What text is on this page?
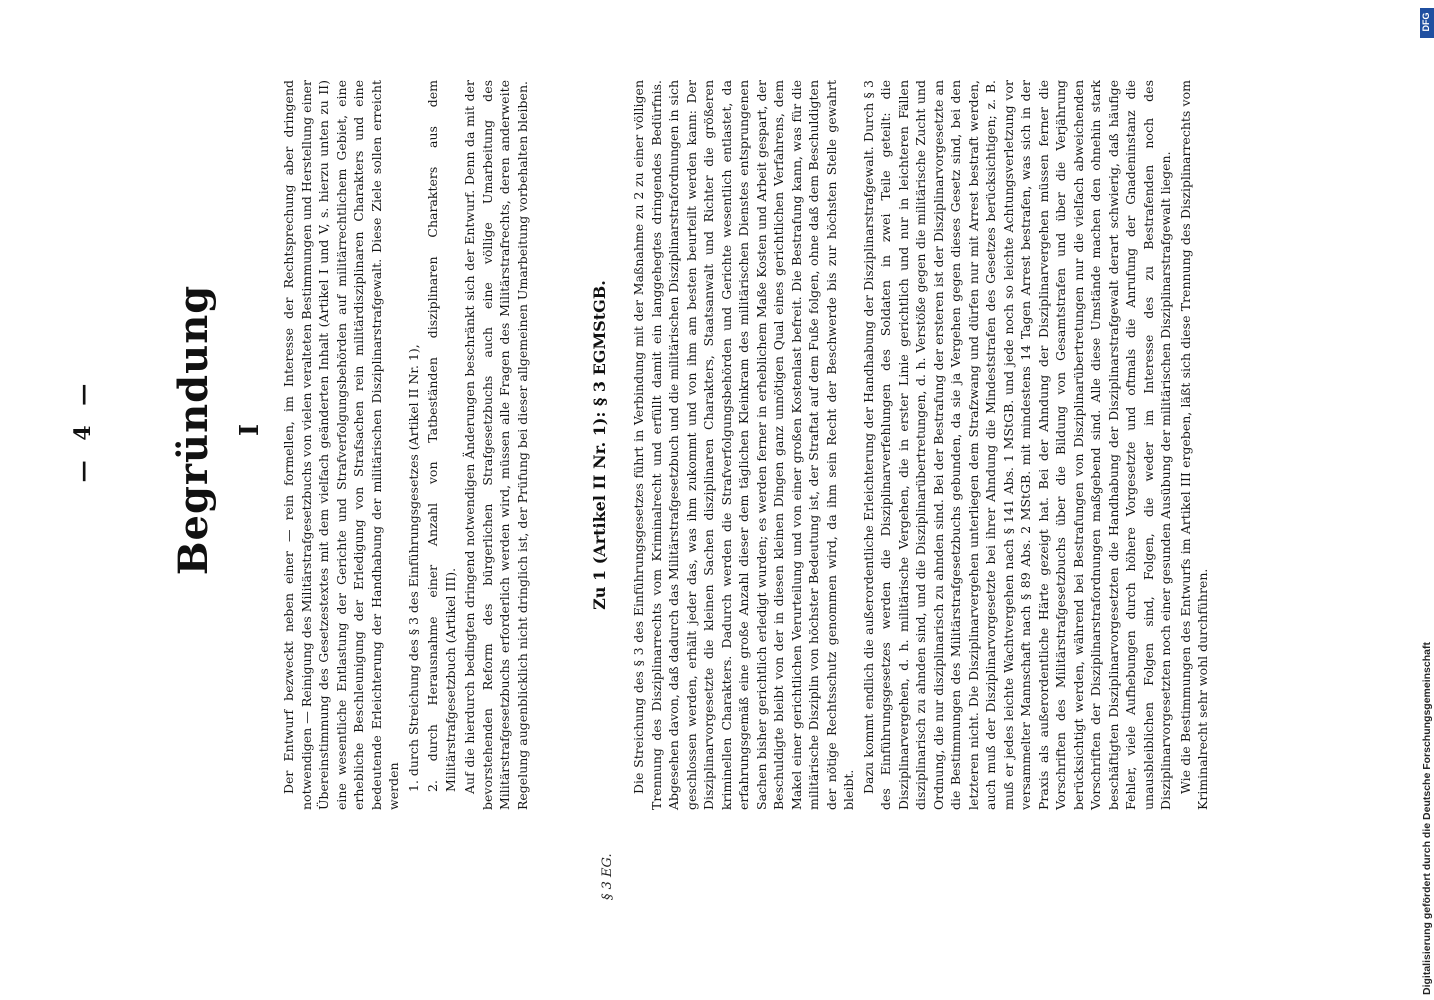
— 4 — Begründung I Der Entwurf bezweckt neben einer — rein formellen, im Interesse der Rechtsprechung aber dringend notwendigen — Reinigung des Militärstrafgesetzbuchs von vielen veralteten Bestimmungen und Herstellung einer Übereinstimmung des Gesetzestextes mit dem vielfach geänderten Inhalt (Artikel I und V, s. hierzu unten zu II) eine wesentliche Entlastung der Gerichte und Strafverfolgungsbehörden auf militärrechtlichem Gebiet, eine erhebliche Beschleunigung der Erledigung von Strafsachen rein militärdisziplinaren Charakters und eine bedeutende Erleichterung der Handhabung der militärischen Disziplinarstrafgewalt. Diese Ziele sollen erreicht werden 1. durch Streichung des § 3 des Einführungsgesetzes (Artikel II Nr. 1), 2. durch Herausnahme einer Anzahl von Tatbeständen disziplinaren Charakters aus dem Militärstrafgesetzbuch (Artikel III). Auf die hierdurch bedingten dringend notwendigen Änderungen beschränkt sich der Entwurf. Denn da mit der bevorstehenden Reform des bürgerlichen Strafgesetzbuchs auch eine völlige Umarbeitung des Militärstrafgesetzbuchs erforderlich werden wird, müssen alle Fragen des Militärstrafrechts, deren anderweite Regelung augenblicklich nicht dringlich ist, der Prüfung bei dieser allgemeinen Umarbeitung vorbehalten bleiben.

§ 3 EG.
Zu 1 (Artikel II Nr. 1): § 3 EGMStGB. Die Streichung des § 3 des Einführungsgesetzes führt in Verbindung mit der Maßnahme zu 2 zu einer völligen Trennung des Disziplinarrechts vom Kriminalrecht und erfüllt damit ein langgehegtes dringendes Bedürfnis. Abgesehen davon, daß dadurch das Militärstrafgesetzbuch und die militärischen Disziplinarstrafordnungen in sich geschlossen werden, erhält jeder das, was ihm zukommt und von ihm am besten beurteilt werden kann: Der Disziplinarvorgesetzte die kleinen Sachen disziplinaren Charakters, Staatsanwalt und Richter die größeren kriminellen Charakters. Dadurch werden die Strafverfolgungsbehörden und Gerichte wesentlich entlastet, da erfahrungsgemäß eine große Anzahl dieser dem täglichen Kleinkram des militärischen Dienstes entsprungenen Sachen bisher gerichtlich erledigt wurden; es werden ferner in erheblichem Maße Kosten und Arbeit gespart, der Beschuldigte bleibt von der in diesen kleinen Dingen ganz unnötigen Qual eines gerichtlichen Verfahrens, dem Makel einer gerichtlichen Verurteilung und von einer großen Kostenlast befreit. Die Bestrafung kann, was für die militärische Disziplin von höchster Bedeutung ist, der Straftat auf dem Fuße folgen, ohne daß dem Beschuldigten der nötige Rechtsschutz genommen wird, da ihm sein Recht der Beschwerde bis zur höchsten Stelle gewahrt bleibt. Dazu kommt endlich die außerordentliche Erleichterung der Handhabung der Disziplinarstrafgewalt. Durch § 3 des Einführungsgesetzes werden die Disziplinarverfehlungen des Soldaten in zwei Teile geteilt: die Disziplinarvergehen, d. h. militärische Vergehen, die in erster Linie gerichtlich und nur in leichteren Fällen disziplinarisch zu ahnden sind, und die Disziplinarübertretungen, d. h. Verstöße gegen die militärische Zucht und Ordnung, die nur disziplinarisch zu ahnden sind. Bei der Bestrafung der ersteren ist der Disziplinarvorgesetzte an die Bestimmungen des Militärstrafgesetzbuchs gebunden, da sie ja Vergehen gegen dieses Gesetz sind, bei den letzteren nicht. Die Disziplinarvergehen unterliegen dem Strafzwang und dürfen nur mit Arrest bestraft werden, auch muß der Disziplinarvorgesetzte bei ihrer Ahndung die Mindeststrafen des Gesetzes berücksichtigen; z. B. muß er jedes leichte Wachtvergehen nach § 141 Abs. 1 MStGB. und jede noch so leichte Achtungsverletzung vor versammelter Mannschaft nach § 89 Abs. 2 MStGB. mit mindestens 14 Tagen Arrest bestrafen, was sich in der Praxis als außerordentliche Härte gezeigt hat. Bei der Ahndung der Disziplinarvergehen müssen ferner die Vorschriften des Militärstrafgesetzbuchs über die Bildung von Gesamtstrafen und über die Verjährung berücksichtigt werden, während bei Bestrafungen von Disziplinarübertretungen nur die vielfach abweichenden Vorschriften der Disziplinarstrafordnungen maßgebend sind. Alle diese Umstände machen den ohnehin stark beschäftigten Disziplinarvorgesetzten die Handhabung der Disziplinarstrafgewalt derart schwierig, daß häufige Fehler, viele Aufhebungen durch höhere Vorgesetzte und oftmals die Anrufung der Gnadeninstanz die unausbleiblichen Folgen sind, Folgen, die weder im Interesse des zu Bestrafenden noch des Disziplinarvorgesetzten noch einer gesunden Ausübung der militärischen Disziplinarstrafgewalt liegen. Wie die Bestimmungen des Entwurfs im Artikel III ergeben, läßt sich diese Trennung des Disziplinarrechts vom Kriminalrecht sehr wohl durchführen.	Digitalisierung gefördert durch die Deutsche Forschungsgemeinschaft
DFG
